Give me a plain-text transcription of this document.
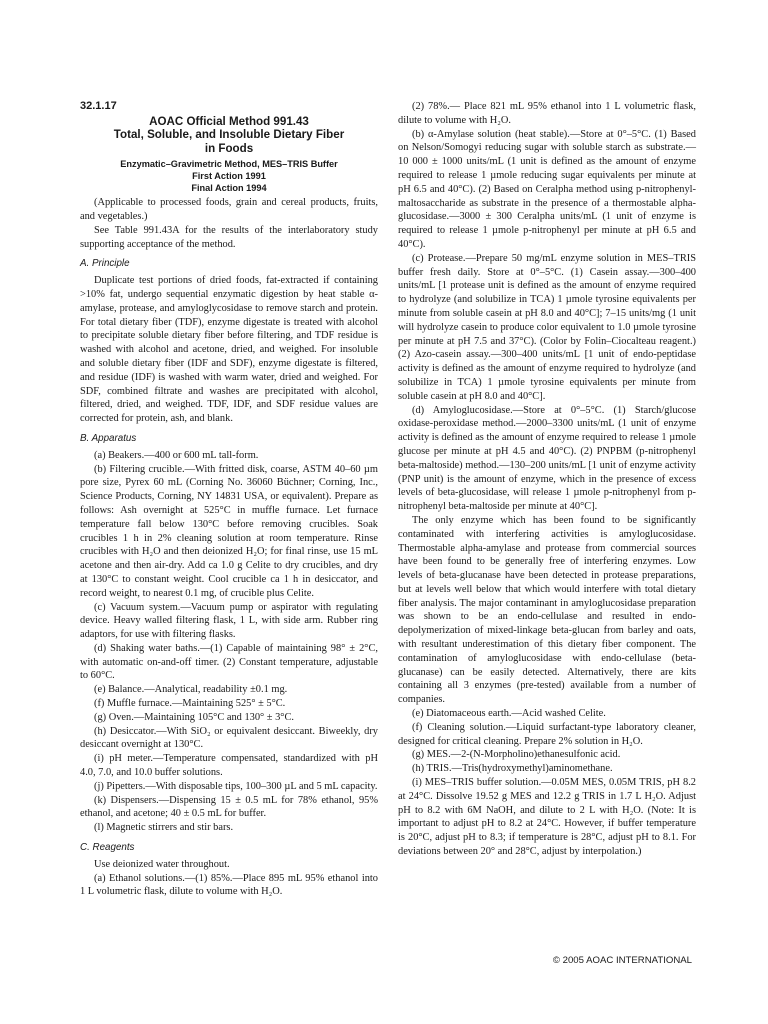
32.1.17
AOAC Official Method 991.43
Total, Soluble, and Insoluble Dietary Fiber
in Foods
Enzymatic–Gravimetric Method, MES–TRIS Buffer
First Action 1991
Final Action 1994

(Applicable to processed foods, grain and cereal products, fruits, and vegetables.)

See Table 991.43A for the results of the interlaboratory study supporting acceptance of the method.

A. Principle

Duplicate test portions of dried foods, fat-extracted if containing >10% fat, undergo sequential enzymatic digestion by heat stable α-amylase, protease, and amyloglycosidase to remove starch and protein. For total dietary fiber (TDF), enzyme digestate is treated with alcohol to precipitate soluble dietary fiber before filtering, and TDF residue is washed with alcohol and acetone, dried, and weighed. For insoluble and soluble dietary fiber (IDF and SDF), enzyme digestate is filtered, and residue (IDF) is washed with warm water, dried and weighed. For SDF, combined filtrate and washes are precipitated with alcohol, filtered, dried, and weighed. TDF, IDF, and SDF residue values are corrected for protein, ash, and blank.

B. Apparatus

(a) Beakers.—400 or 600 mL tall-form.

(b) Filtering crucible.—With fritted disk, coarse, ASTM 40–60 µm pore size, Pyrex 60 mL (Corning No. 36060 Büchner; Corning, Inc., Science Products, Corning, NY 14831 USA, or equivalent). Prepare as follows: Ash overnight at 525°C in muffle furnace. Let furnace temperature fall below 130°C before removing crucibles. Soak crucibles 1 h in 2% cleaning solution at room temperature. Rinse crucibles with H₂O and then deionized H₂O; for final rinse, use 15 mL acetone and then air-dry. Add ca 1.0 g Celite to dry crucibles, and dry at 130°C to constant weight. Cool crucible ca 1 h in desiccator, and record weight, to nearest 0.1 mg, of crucible plus Celite.

(c) Vacuum system.—Vacuum pump or aspirator with regulating device. Heavy walled filtering flask, 1 L, with side arm. Rubber ring adaptors, for use with filtering flasks.

(d) Shaking water baths.—(1) Capable of maintaining 98° ± 2°C, with automatic on-and-off timer. (2) Constant temperature, adjustable to 60°C.

(e) Balance.—Analytical, readability ±0.1 mg.

(f) Muffle furnace.—Maintaining 525° ± 5°C.

(g) Oven.—Maintaining 105°C and 130° ± 3°C.

(h) Desiccator.—With SiO₂ or equivalent desiccant. Biweekly, dry desiccant overnight at 130°C.

(i) pH meter.—Temperature compensated, standardized with pH 4.0, 7.0, and 10.0 buffer solutions.

(j) Pipetters.—With disposable tips, 100–300 µL and 5 mL capacity.

(k) Dispensers.—Dispensing 15 ± 0.5 mL for 78% ethanol, 95% ethanol, and acetone; 40 ± 0.5 mL for buffer.

(l) Magnetic stirrers and stir bars.

C. Reagents

Use deionized water throughout.

(a) Ethanol solutions.—(1) 85%.—Place 895 mL 95% ethanol into 1 L volumetric flask, dilute to volume with H₂O.

(2) 78%.— Place 821 mL 95% ethanol into 1 L volumetric flask, dilute to volume with H₂O.

(b) α-Amylase solution (heat stable).—Store at 0°–5°C. (1) Based on Nelson/Somogyi reducing sugar with soluble starch as substrate.—10 000 ± 1000 units/mL (1 unit is defined as the amount of enzyme required to release 1 µmole reducing sugar equivalents per minute at pH 6.5 and 40°C). (2) Based on Ceralpha method using p-nitrophenyl-maltosaccharide as substrate in the presence of a thermostable alpha-glucosidase.—3000 ± 300 Ceralpha units/mL (1 unit of enzyme is required to release 1 µmole p-nitrophenyl per minute at pH 6.5 and 40°C).

(c) Protease.—Prepare 50 mg/mL enzyme solution in MES–TRIS buffer fresh daily. Store at 0°–5°C. (1) Casein assay.—300–400 units/mL [1 protease unit is defined as the amount of enzyme required to hydrolyze (and solubilize in TCA) 1 µmole tyrosine equivalents per minute from soluble casein at pH 8.0 and 40°C]; 7–15 units/mg (1 unit will hydrolyze casein to produce color equivalent to 1.0 µmole tyrosine per minute at pH 7.5 and 37°C). (Color by Folin–Ciocalteau reagent.) (2) Azo-casein assay.—300–400 units/mL [1 unit of endo-peptidase activity is defined as the amount of enzyme required to hydrolyze (and solubilize in TCA) 1 µmole tyrosine equivalents per minute from soluble casein at pH 8.0 and 40°C].

(d) Amyloglucosidase.—Store at 0°–5°C. (1) Starch/glucose oxidase-peroxidase method.—2000–3300 units/mL (1 unit of enzyme activity is defined as the amount of enzyme required to release 1 µmole glucose per minute at pH 4.5 and 40°C). (2) PNPBM (p-nitrophenyl beta-maltoside) method.—130–200 units/mL [1 unit of enzyme activity (PNP unit) is the amount of enzyme, which in the presence of excess levels of beta-glucosidase, will release 1 µmole p-nitrophenyl from p-nitrophenyl beta-maltoside per minute at 40°C].

The only enzyme which has been found to be significantly contaminated with interfering activities is amyloglucosidase. Thermostable alpha-amylase and protease from commercial sources have been found to be generally free of interfering enzymes. Low levels of beta-glucanase have been detected in protease preparations, but at levels well below that which would interfere with total dietary fiber analysis. The major contaminant in amyloglucosidase preparation was shown to be an endo-cellulase and resulted in endo-depolymerization of mixed-linkage beta-glucan from barley and oats, with resultant underestimation of this dietary fiber component. The contamination of amyloglucosidase with endo-cellulase (beta-glucanase) can be easily detected. Alternatively, there are kits containing all 3 enzymes (pre-tested) available from a number of companies.

(e) Diatomaceous earth.—Acid washed Celite.

(f) Cleaning solution.—Liquid surfactant-type laboratory cleaner, designed for critical cleaning. Prepare 2% solution in H₂O.

(g) MES.—2-(N-Morpholino)ethanesulfonic acid.

(h) TRIS.—Tris(hydroxymethyl)aminomethane.

(i) MES–TRIS buffer solution.—0.05M MES, 0.05M TRIS, pH 8.2 at 24°C. Dissolve 19.52 g MES and 12.2 g TRIS in 1.7 L H₂O. Adjust pH to 8.2 with 6M NaOH, and dilute to 2 L with H₂O. (Note: It is important to adjust pH to 8.2 at 24°C. However, if buffer temperature is 20°C, adjust pH to 8.3; if temperature is 28°C, adjust pH to 8.1. For deviations between 20° and 28°C, adjust by interpolation.)

© 2005 AOAC INTERNATIONAL
